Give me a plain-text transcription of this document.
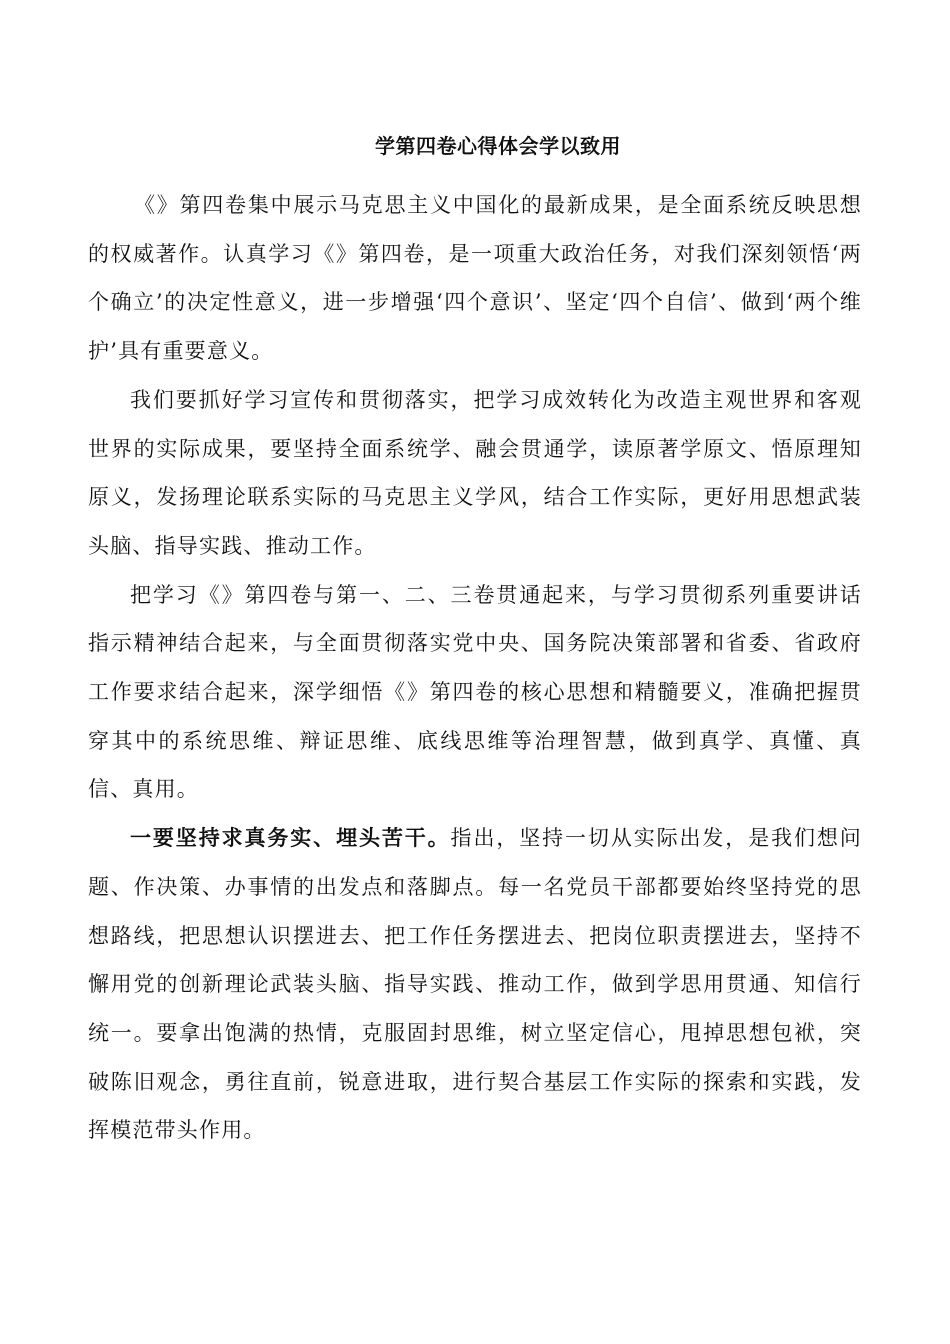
学第四卷心得体会学以致用

《》第四卷集中展示马克思主义中国化的最新成果，是全面系统反映思想的权威著作。认真学习《》第四卷，是一项重大政治任务，对我们深刻领悟‘两个确立’的决定性意义，进一步增强‘四个意识’、坚定‘四个自信’、做到‘两个维护’具有重要意义。

我们要抓好学习宣传和贯彻落实，把学习成效转化为改造主观世界和客观世界的实际成果，要坚持全面系统学、融会贯通学，读原著学原文、悟原理知原义，发扬理论联系实际的马克思主义学风，结合工作实际，更好用思想武装头脑、指导实践、推动工作。

把学习《》第四卷与第一、二、三卷贯通起来，与学习贯彻系列重要讲话指示精神结合起来，与全面贯彻落实党中央、国务院决策部署和省委、省政府工作要求结合起来，深学细悟《》第四卷的核心思想和精髓要义，准确把握贯穿其中的系统思维、辩证思维、底线思维等治理智慧，做到真学、真懂、真信、真用。

一要坚持求真务实、埋头苦干。指出，坚持一切从实际出发，是我们想问题、作决策、办事情的出发点和落脚点。每一名党员干部都要始终坚持党的思想路线，把思想认识摆进去、把工作任务摆进去、把岗位职责摆进去，坚持不懈用党的创新理论武装头脑、指导实践、推动工作，做到学思用贯通、知信行统一。要拿出饱满的热情，克服固封思维，树立坚定信心，甩掉思想包袱，突破陈旧观念，勇往直前，锐意进取，进行契合基层工作实际的探索和实践，发挥模范带头作用。
